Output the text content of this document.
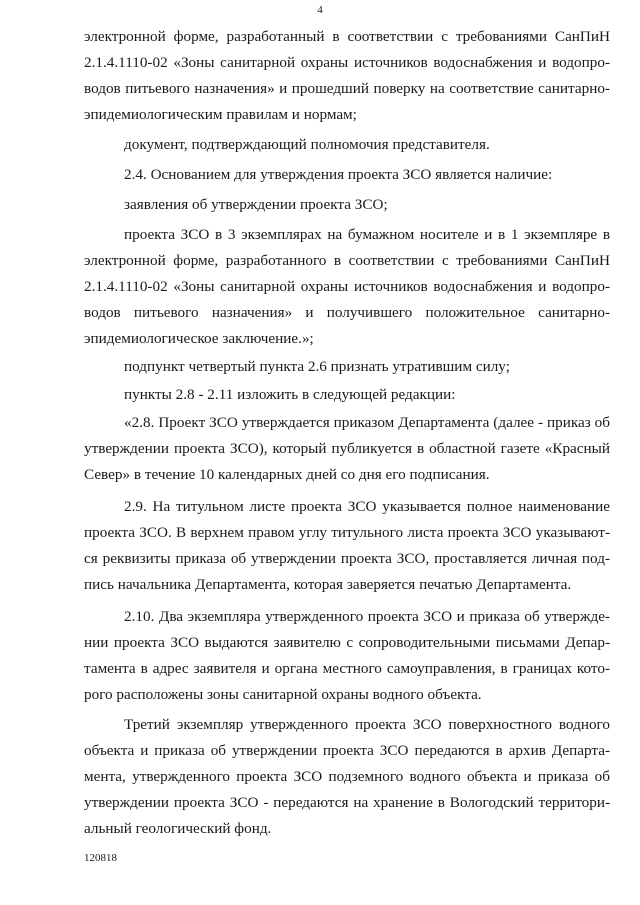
4
электронной форме, разработанный в соответствии с требованиями СанПиН
2.1.4.1110-02 «Зоны санитарной охраны источников водоснабжения и водопро-
водов питьевого назначения» и прошедший поверку на соответствие санитарно-
эпидемиологическим правилам и нормам;
документ, подтверждающий полномочия представителя.
2.4. Основанием для утверждения проекта ЗСО является наличие:
заявления об утверждении проекта ЗСО;
проекта ЗСО в 3 экземплярах на бумажном носителе и в 1 экземпляре в
электронной форме, разработанного в соответствии с требованиями СанПиН
2.1.4.1110-02 «Зоны санитарной охраны источников водоснабжения и водопро-
водов питьевого назначения» и получившего положительное санитарно-
эпидемиологическое заключение.»;
подпункт четвертый пункта 2.6 признать утратившим силу;
пункты 2.8 - 2.11 изложить в следующей редакции:
«2.8. Проект ЗСО утверждается приказом Департамента (далее - приказ об
утверждении проекта ЗСО), который публикуется в областной газете «Красный
Север» в течение 10 календарных дней со дня его подписания.
2.9. На титульном листе проекта ЗСО указывается полное наименование
проекта ЗСО. В верхнем правом углу титульного листа проекта ЗСО указывают-
ся реквизиты приказа об утверждении проекта ЗСО, проставляется личная под-
пись начальника Департамента, которая заверяется печатью Департамента.
2.10. Два экземпляра утвержденного проекта ЗСО и приказа об утвержде-
нии проекта ЗСО выдаются заявителю с сопроводительными письмами Депар-
тамента в адрес заявителя и органа местного самоуправления, в границах кото-
рого расположены зоны санитарной охраны водного объекта.
Третий экземпляр утвержденного проекта ЗСО поверхностного водного
объекта и приказа об утверждении проекта ЗСО передаются в архив Департа-
мента, утвержденного проекта ЗСО подземного водного объекта и приказа об
утверждении проекта ЗСО - передаются на хранение в Вологодский территори-
альный геологический фонд.
120818
